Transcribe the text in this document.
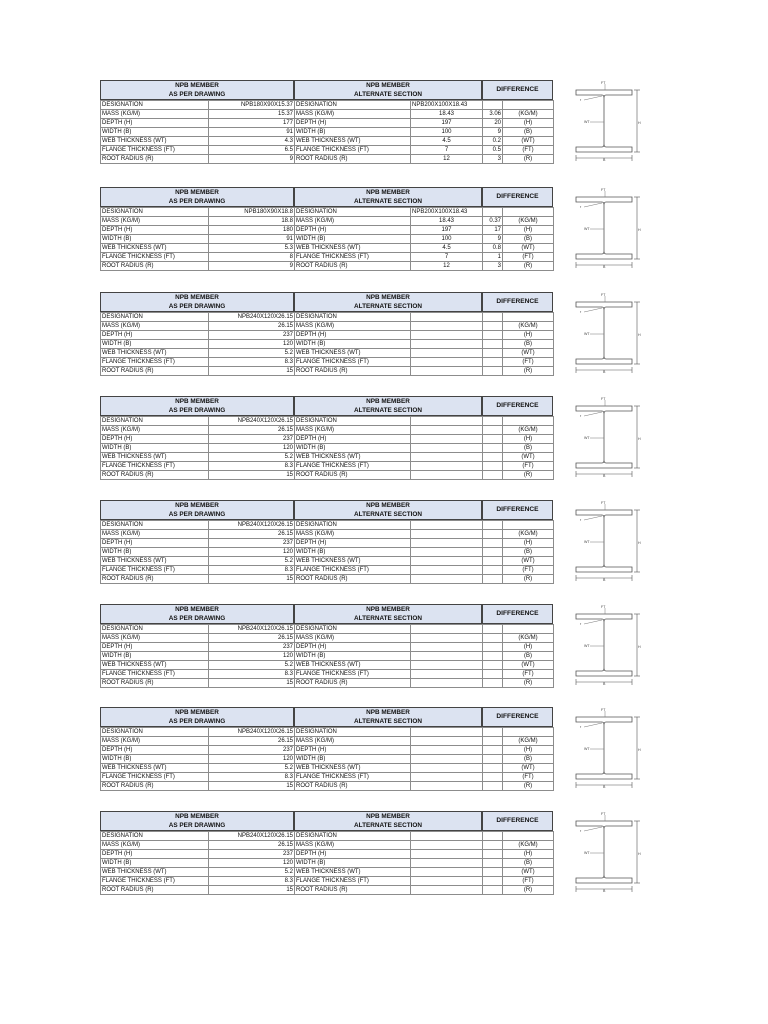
NPB MEMBER
AS PER DRAWING
NPB MEMBER
ALTERNATE SECTION
DIFFERENCE
DESIGNATION	NPB180X90X15.37	DESIGNATION	NPB200X100X18.43		
MASS (KG/M)	15.37	MASS (KG/M)	18.43	3.06	(KG/M)
DEPTH (H)	177	DEPTH (H)	197	20	(H)
WIDTH (B)	91	WIDTH (B)	100	9	(B)
WEB THICKNESS (WT)	4.3	WEB THICKNESS (WT)	4.5	0.2	(WT)
FLANGE THICKNESS (FT)	6.5	FLANGE THICKNESS (FT)	7	0.5	(FT)
ROOT RADIUS (R)	9	ROOT RADIUS (R)	12	3	(R)
H
B
WT
FT
r
NPB MEMBER
AS PER DRAWING
NPB MEMBER
ALTERNATE SECTION
DIFFERENCE
DESIGNATION	NPB180X90X18.8	DESIGNATION	NPB200X100X18.43		
MASS (KG/M)	18.8	MASS (KG/M)	18.43	0.37	(KG/M)
DEPTH (H)	180	DEPTH (H)	197	17	(H)
WIDTH (B)	91	WIDTH (B)	100	9	(B)
WEB THICKNESS (WT)	5.3	WEB THICKNESS (WT)	4.5	0.8	(WT)
FLANGE THICKNESS (FT)	8	FLANGE THICKNESS (FT)	7	1	(FT)
ROOT RADIUS (R)	9	ROOT RADIUS (R)	12	3	(R)
H
B
WT
FT
r
NPB MEMBER
AS PER DRAWING
NPB MEMBER
ALTERNATE SECTION
DIFFERENCE
DESIGNATION	NPB240X120X26.15	DESIGNATION			
MASS (KG/M)	26.15	MASS (KG/M)			(KG/M)
DEPTH (H)	237	DEPTH (H)			(H)
WIDTH (B)	120	WIDTH (B)			(B)
WEB THICKNESS (WT)	5.2	WEB THICKNESS (WT)			(WT)
FLANGE THICKNESS (FT)	8.3	FLANGE THICKNESS (FT)			(FT)
ROOT RADIUS (R)	15	ROOT RADIUS (R)			(R)
H
B
WT
FT
r
NPB MEMBER
AS PER DRAWING
NPB MEMBER
ALTERNATE SECTION
DIFFERENCE
DESIGNATION	NPB240X120X26.15	DESIGNATION			
MASS (KG/M)	26.15	MASS (KG/M)			(KG/M)
DEPTH (H)	237	DEPTH (H)			(H)
WIDTH (B)	120	WIDTH (B)			(B)
WEB THICKNESS (WT)	5.2	WEB THICKNESS (WT)			(WT)
FLANGE THICKNESS (FT)	8.3	FLANGE THICKNESS (FT)			(FT)
ROOT RADIUS (R)	15	ROOT RADIUS (R)			(R)
H
B
WT
FT
r
NPB MEMBER
AS PER DRAWING
NPB MEMBER
ALTERNATE SECTION
DIFFERENCE
DESIGNATION	NPB240X120X26.15	DESIGNATION			
MASS (KG/M)	26.15	MASS (KG/M)			(KG/M)
DEPTH (H)	237	DEPTH (H)			(H)
WIDTH (B)	120	WIDTH (B)			(B)
WEB THICKNESS (WT)	5.2	WEB THICKNESS (WT)			(WT)
FLANGE THICKNESS (FT)	8.3	FLANGE THICKNESS (FT)			(FT)
ROOT RADIUS (R)	15	ROOT RADIUS (R)			(R)
H
B
WT
FT
r
NPB MEMBER
AS PER DRAWING
NPB MEMBER
ALTERNATE SECTION
DIFFERENCE
DESIGNATION	NPB240X120X26.15	DESIGNATION			
MASS (KG/M)	26.15	MASS (KG/M)			(KG/M)
DEPTH (H)	237	DEPTH (H)			(H)
WIDTH (B)	120	WIDTH (B)			(B)
WEB THICKNESS (WT)	5.2	WEB THICKNESS (WT)			(WT)
FLANGE THICKNESS (FT)	8.3	FLANGE THICKNESS (FT)			(FT)
ROOT RADIUS (R)	15	ROOT RADIUS (R)			(R)
H
B
WT
FT
r
NPB MEMBER
AS PER DRAWING
NPB MEMBER
ALTERNATE SECTION
DIFFERENCE
DESIGNATION	NPB240X120X26.15	DESIGNATION			
MASS (KG/M)	26.15	MASS (KG/M)			(KG/M)
DEPTH (H)	237	DEPTH (H)			(H)
WIDTH (B)	120	WIDTH (B)			(B)
WEB THICKNESS (WT)	5.2	WEB THICKNESS (WT)			(WT)
FLANGE THICKNESS (FT)	8.3	FLANGE THICKNESS (FT)			(FT)
ROOT RADIUS (R)	15	ROOT RADIUS (R)			(R)
H
B
WT
FT
r
NPB MEMBER
AS PER DRAWING
NPB MEMBER
ALTERNATE SECTION
DIFFERENCE
DESIGNATION	NPB240X120X26.15	DESIGNATION			
MASS (KG/M)	26.15	MASS (KG/M)			(KG/M)
DEPTH (H)	237	DEPTH (H)			(H)
WIDTH (B)	120	WIDTH (B)			(B)
WEB THICKNESS (WT)	5.2	WEB THICKNESS (WT)			(WT)
FLANGE THICKNESS (FT)	8.3	FLANGE THICKNESS (FT)			(FT)
ROOT RADIUS (R)	15	ROOT RADIUS (R)			(R)
H
B
WT
FT
r
